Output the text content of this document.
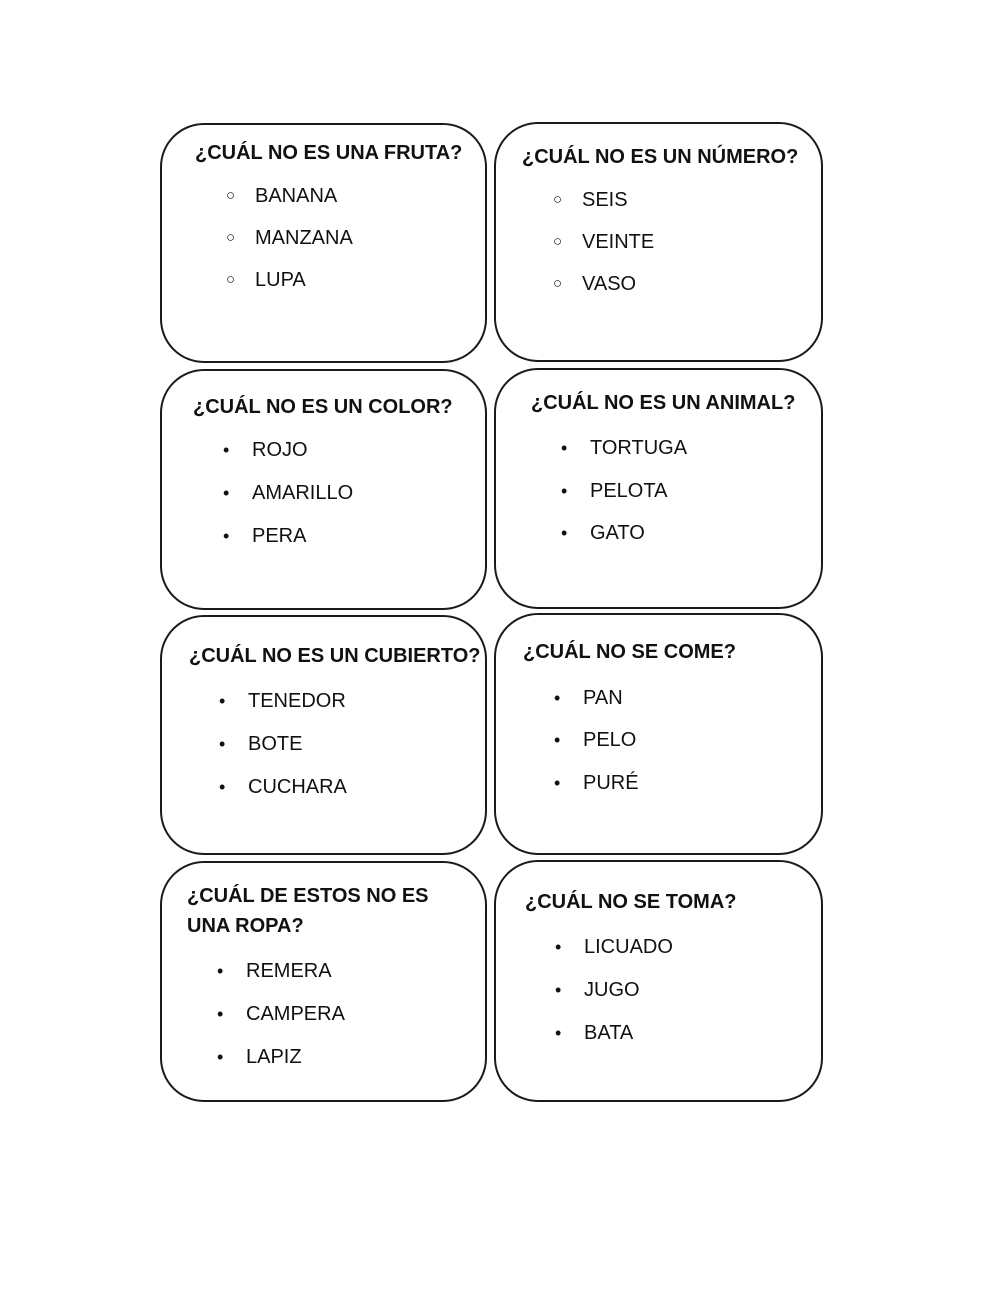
¿CUÁL NO ES UNA FRUTA?
○ BANANA
○ MANZANA
○ LUPA
¿CUÁL NO ES UN NÚMERO?
○ SEIS
○ VEINTE
○ VASO
¿CUÁL NO ES UN COLOR?
• ROJO
• AMARILLO
• PERA
¿CUÁL NO ES UN ANIMAL?
• TORTUGA
• PELOTA
• GATO
¿CUÁL NO ES UN CUBIERTO?
• TENEDOR
• BOTE
• CUCHARA
¿CUÁL NO SE COME?
• PAN
• PELO
• PURÉ
¿CUÁL DE ESTOS NO ES UNA ROPA?
• REMERA
• CAMPERA
• LAPIZ
¿CUÁL NO SE TOMA?
• LICUADO
• JUGO
• BATA
